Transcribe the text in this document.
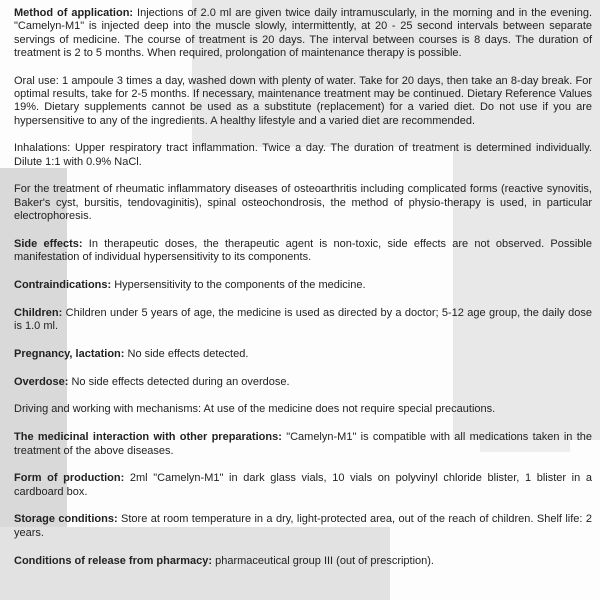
Method of application: Injections of 2.0 ml are given twice daily intramuscularly, in the morning and in the evening. "Camelyn-M1" is injected deep into the muscle slowly, intermittently, at 20 - 25 second intervals between separate servings of medicine. The course of treatment is 20 days. The interval between courses is 8 days. The duration of treatment is 2 to 5 months. When required, prolongation of maintenance therapy is possible.

Oral use: 1 ampoule 3 times a day, washed down with plenty of water. Take for 20 days, then take an 8-day break. For optimal results, take for 2-5 months. If necessary, maintenance treatment may be continued. Dietary Reference Values 19%. Dietary supplements cannot be used as a substitute (replacement) for a varied diet. Do not use if you are hypersensitive to any of the ingredients. A healthy lifestyle and a varied diet are recommended.

Inhalations: Upper respiratory tract inflammation. Twice a day. The duration of treatment is determined individually. Dilute 1:1 with 0.9% NaCl.

For the treatment of rheumatic inflammatory diseases of osteoarthritis including complicated forms (reactive synovitis, Baker's cyst, bursitis, tendovaginitis), spinal osteochondrosis, the method of physio-therapy is used, in particular electrophoresis.

Side effects: In therapeutic doses, the therapeutic agent is non-toxic, side effects are not observed. Possible manifestation of individual hypersensitivity to its components.

Contraindications: Hypersensitivity to the components of the medicine.

Children: Children under 5 years of age, the medicine is used as directed by a doctor; 5-12 age group, the daily dose is 1.0 ml.

Pregnancy, lactation: No side effects detected.

Overdose: No side effects detected during an overdose.

Driving and working with mechanisms: At use of the medicine does not require special precautions.

The medicinal interaction with other preparations: "Camelyn-M1" is compatible with all medications taken in the treatment of the above diseases.

Form of production: 2ml "Camelyn-M1" in dark glass vials, 10 vials on polyvinyl chloride blister, 1 blister in a cardboard box.

Storage conditions: Store at room temperature in a dry, light-protected area, out of the reach of children. Shelf life: 2 years.

Conditions of release from pharmacy: pharmaceutical group III (out of prescription).
